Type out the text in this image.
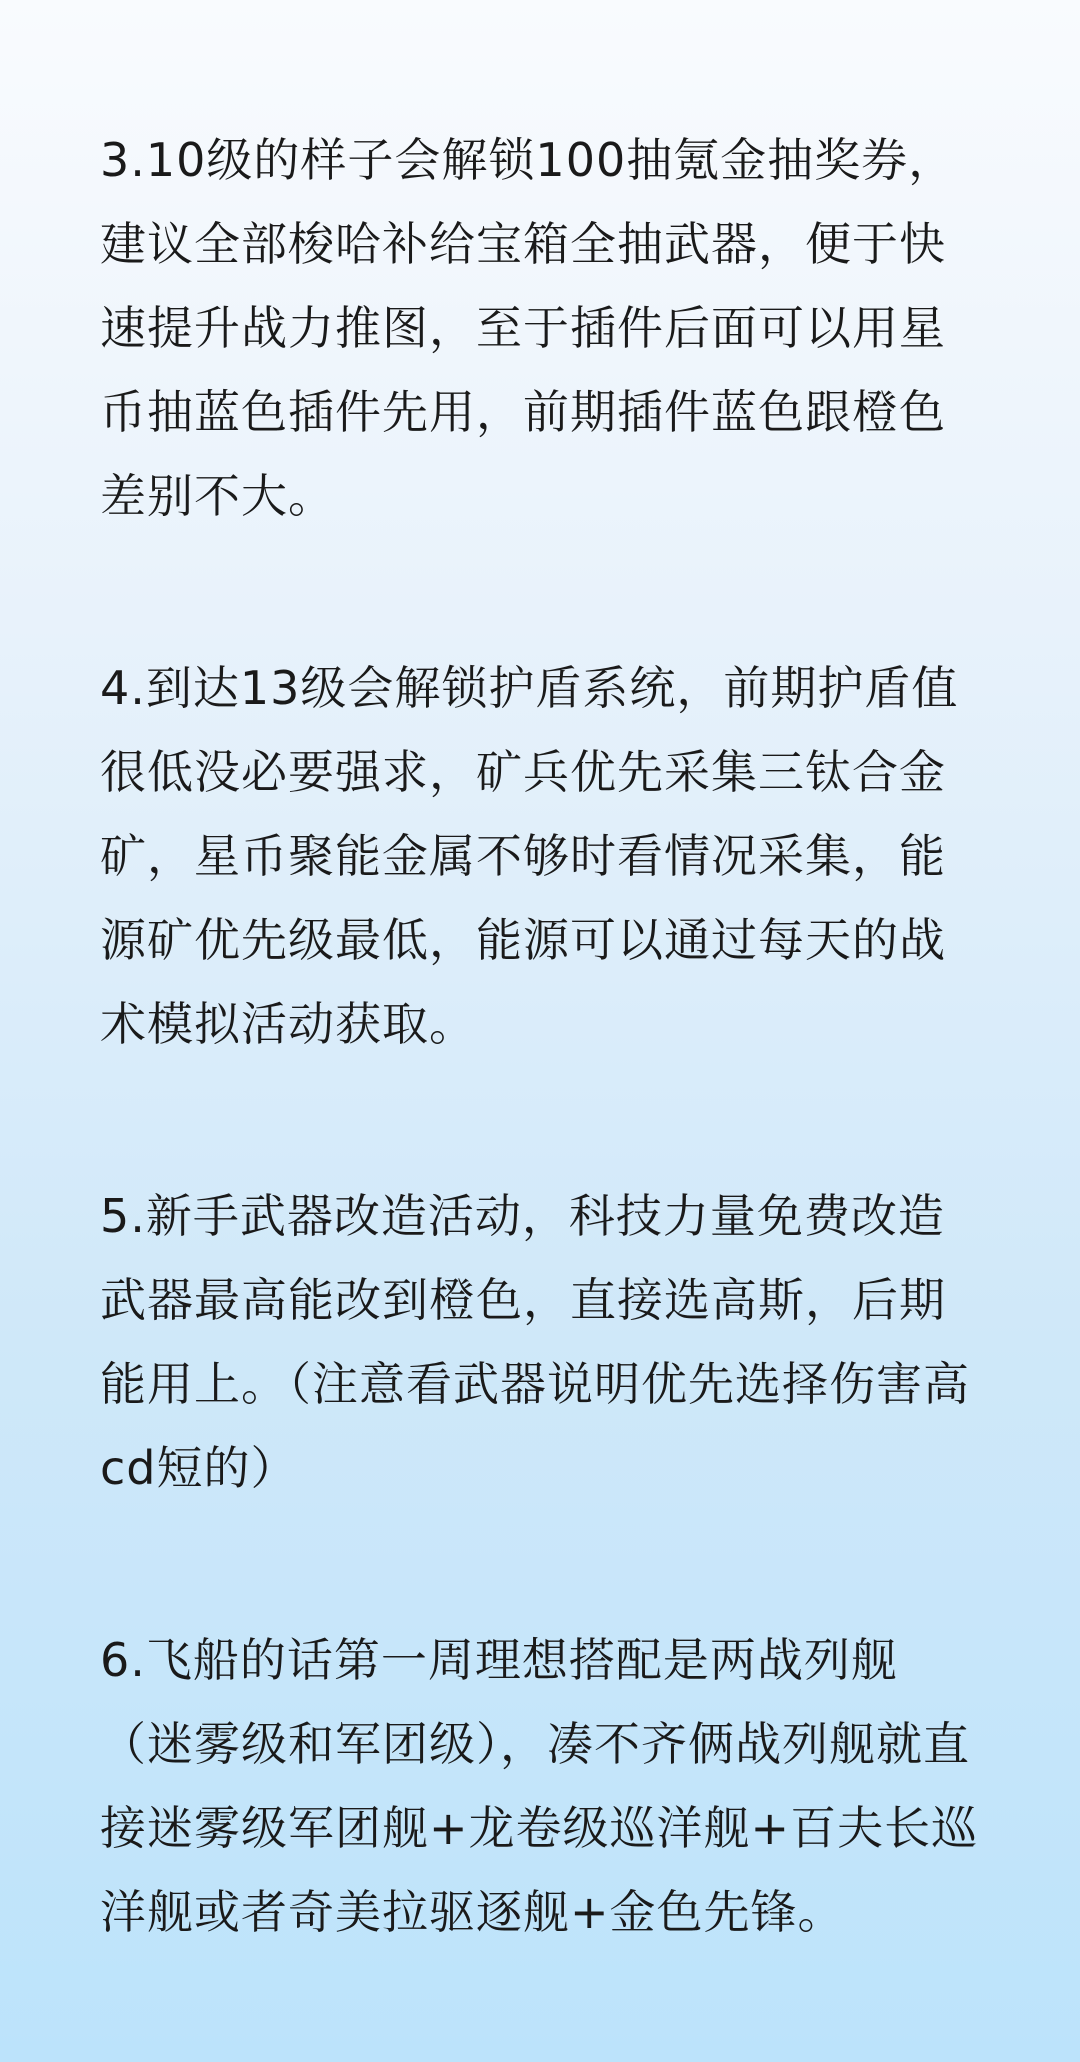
3.10级的样子会解锁100抽氪金抽奖券，建议全部梭哈补给宝箱全抽武器，便于快速提升战力推图，至于插件后面可以用星币抽蓝色插件先用，前期插件蓝色跟橙色差别不大。

4.到达13级会解锁护盾系统，前期护盾值很低没必要强求，矿兵优先采集三钛合金矿，星币聚能金属不够时看情况采集，能源矿优先级最低，能源可以通过每天的战术模拟活动获取。

5.新手武器改造活动，科技力量免费改造武器最高能改到橙色，直接选高斯，后期能用上。（注意看武器说明优先选择伤害高cd短的）

6.飞船的话第一周理想搭配是两战列舰（迷雾级和军团级），凑不齐俩战列舰就直接迷雾级军团舰+龙卷级巡洋舰+百夫长巡洋舰或者奇美拉驱逐舰+金色先锋。
